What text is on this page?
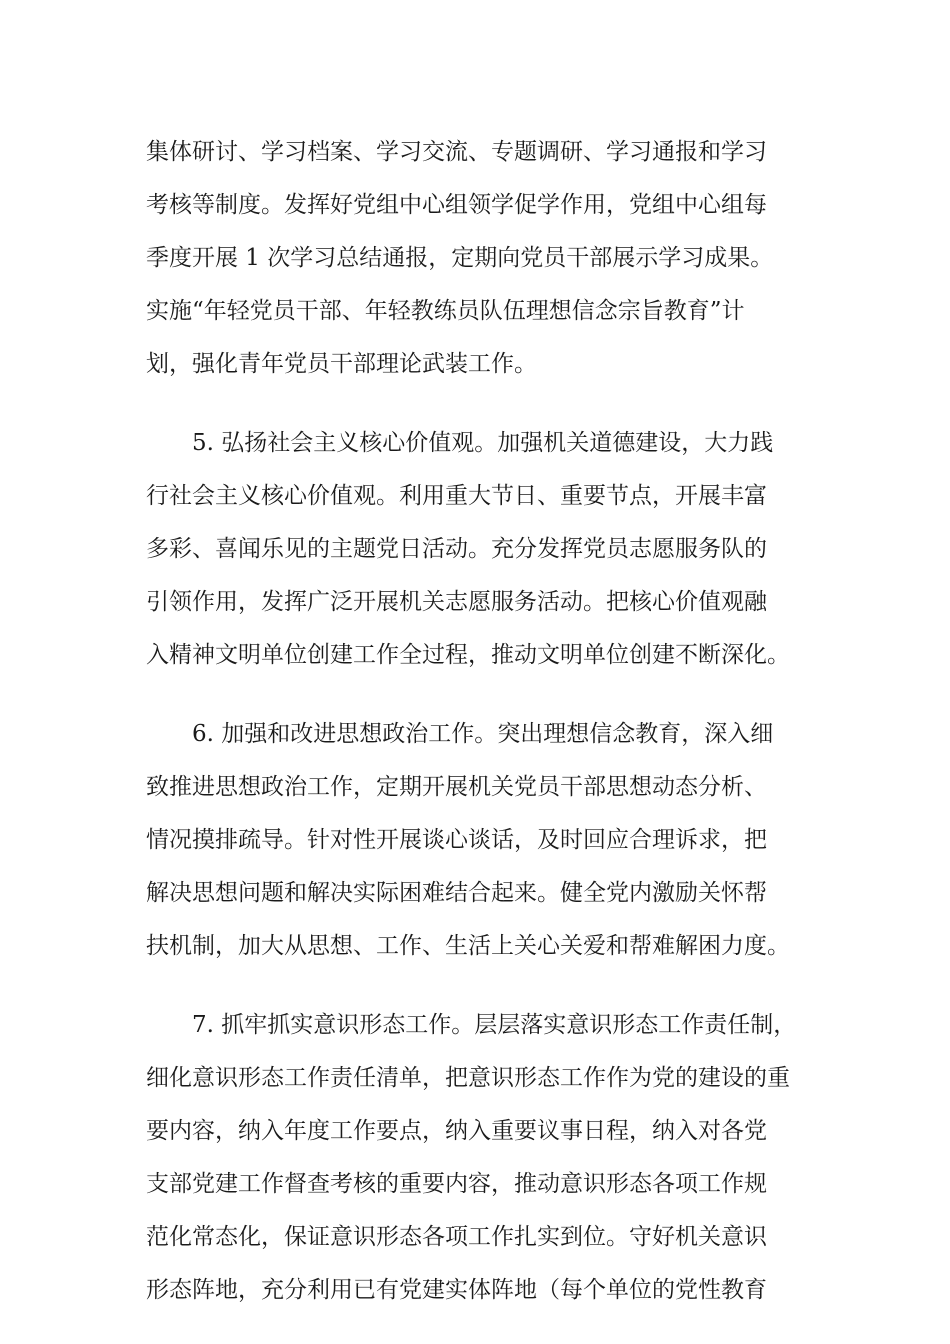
集体研讨、学习档案、学习交流、专题调研、学习通报和学习
考核等制度。发挥好党组中心组领学促学作用，党组中心组每
季度开展 1 次学习总结通报，定期向党员干部展示学习成果。
实施“年轻党员干部、年轻教练员队伍理想信念宗旨教育”计
划，强化青年党员干部理论武装工作。
5. 弘扬社会主义核心价值观。加强机关道德建设，大力践
行社会主义核心价值观。利用重大节日、重要节点，开展丰富
多彩、喜闻乐见的主题党日活动。充分发挥党员志愿服务队的
引领作用，发挥广泛开展机关志愿服务活动。把核心价值观融
入精神文明单位创建工作全过程，推动文明单位创建不断深化。
6. 加强和改进思想政治工作。突出理想信念教育，深入细
致推进思想政治工作，定期开展机关党员干部思想动态分析、
情况摸排疏导。针对性开展谈心谈话，及时回应合理诉求，把
解决思想问题和解决实际困难结合起来。健全党内激励关怀帮
扶机制，加大从思想、工作、生活上关心关爱和帮难解困力度。
7. 抓牢抓实意识形态工作。层层落实意识形态工作责任制，
细化意识形态工作责任清单，把意识形态工作作为党的建设的重
要内容，纳入年度工作要点，纳入重要议事日程，纳入对各党
支部党建工作督查考核的重要内容，推动意识形态各项工作规
范化常态化，保证意识形态各项工作扎实到位。守好机关意识
形态阵地，充分利用已有党建实体阵地（每个单位的党性教育
